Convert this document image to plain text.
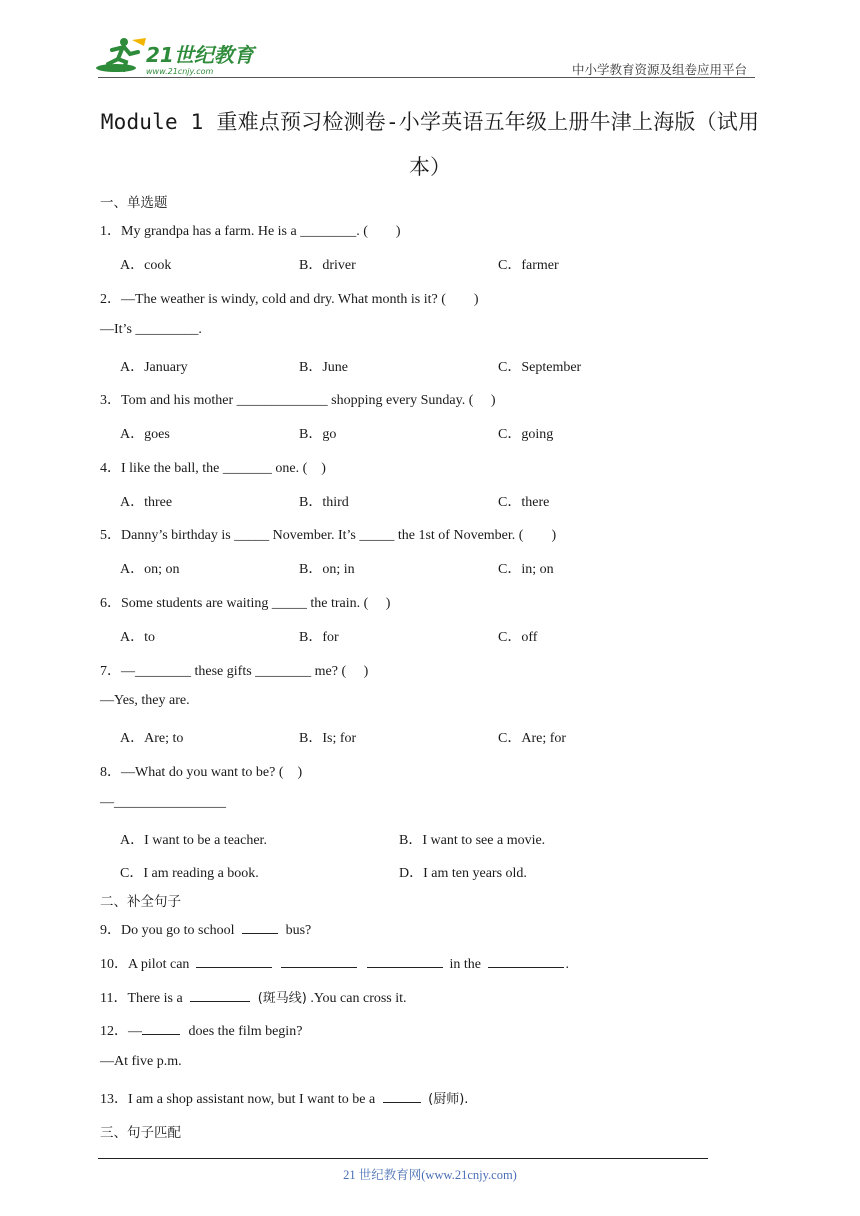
21世纪教育
www.21cnjy.com	中小学教育资源及组卷应用平台
Module 1 重难点预习检测卷-小学英语五年级上册牛津上海版（试用
本）
一、单选题
1．My grandpa has a farm. He is a ________. (　　)
A．cook	B．driver	C．farmer
2．—The weather is windy, cold and dry. What month is it? (　　)
—It’s _________.
A．January	B．June	C．September
3．Tom and his mother _____________ shopping every Sunday. (　 )
A．goes	B．go	C．going
4．I like the ball, the _______ one. (　)
A．three	B．third	C．there
5．Danny’s birthday is _____ November. It’s _____ the 1st of November. (　　)
A．on; on	B．on; in	C．in; on
6．Some students are waiting _____ the train. (　 )
A．to	B．for	C．off
7．—________ these gifts ________ me? (　 )
—Yes, they are.
A．Are; to	B．Is; for	C．Are; for
8．—What do you want to be? (　)
—________________
A．I want to be a teacher.	B．I want to see a movie.
C．I am reading a book.	D．I am ten years old.
二、补全句子
9．Do you go to school	bus?
10．A pilot can	in the	.
11．There is a	(斑马线) .You can cross it.
12．—	does the film begin?
—At five p.m.
13．I am a shop assistant now, but I want to be a	(厨师).
三、句子匹配
21 世纪教育网(www.21cnjy.com)
